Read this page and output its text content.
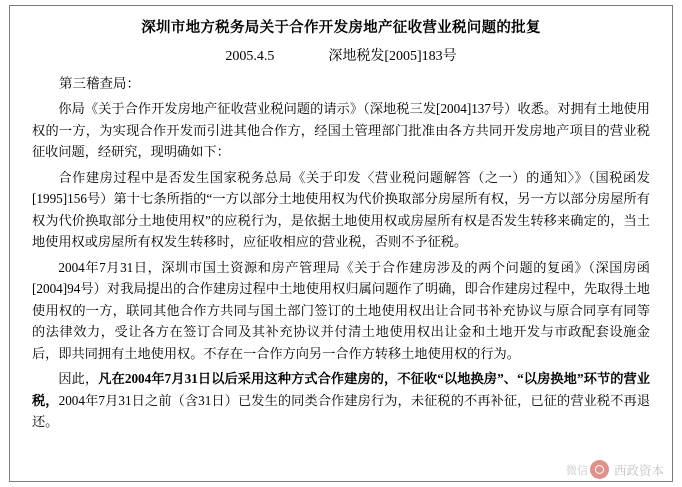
深圳市地方税务局关于合作开发房地产征收营业税问题的批复
2005.4.5	深地税发[2005]183号
第三稽查局：

你局《关于合作开发房地产征收营业税问题的请示》（深地税三发[2004]137号）收悉。对拥有土地使用权的一方，为实现合作开发而引进其他合作方，经国土管理部门批准由各方共同开发房地产项目的营业税征收问题，经研究，现明确如下：

合作建房过程中是否发生国家税务总局《关于印发〈营业税问题解答（之一）的通知〉》（国税函发[1995]156号）第十七条所指的“一方以部分土地使用权为代价换取部分房屋所有权，另一方以部分房屋所有权为代价换取部分土地使用权”的应税行为，是依据土地使用权或房屋所有权是否发生转移来确定的，当土地使用权或房屋所有权发生转移时，应征收相应的营业税，否则不予征税。

2004年7月31日，深圳市国土资源和房产管理局《关于合作建房涉及的两个问题的复函》（深国房函[2004]94号）对我局提出的合作建房过程中土地使用权归属问题作了明确，即合作建房过程中，先取得土地使用权的一方，联同其他合作方共同与国土部门签订的土地使用权出让合同书补充协议与原合同享有同等的法律效力，受让各方在签订合同及其补充协议并付清土地使用权出让金和土地开发与市政配套设施金后，即共同拥有土地使用权。不存在一合作方向另一合作方转移土地使用权的行为。

因此，凡在2004年7月31日以后采用这种方式合作建房的，不征收“以地换房”、“以房换地”环节的营业税，2004年7月31日之前（含31日）已发生的同类合作建房行为，未征税的不再补征，已征的营业税不再退还。

微信 西政资本
